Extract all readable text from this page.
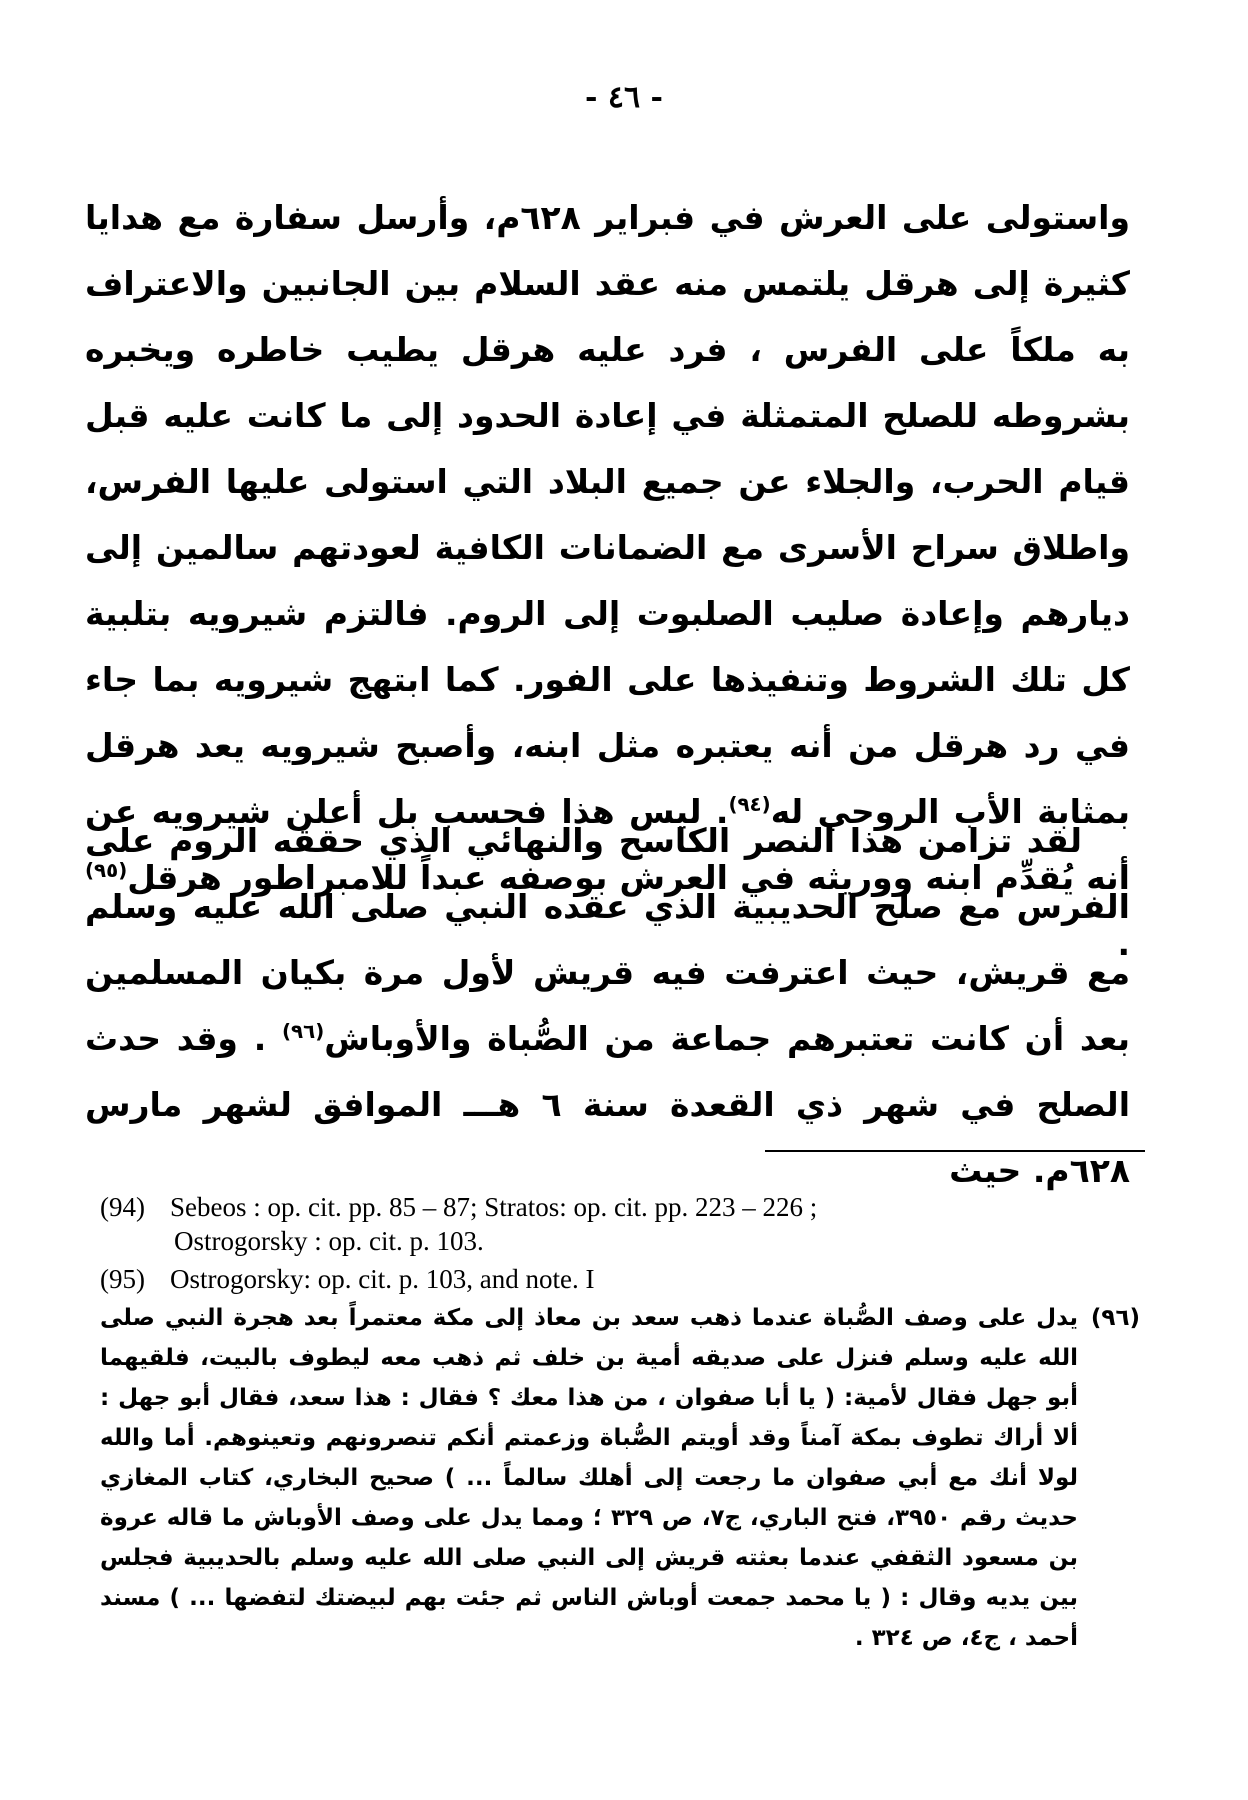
- ٤٦ -

واستولى على العرش في فبراير ٦٢٨م، وأرسل سفارة مع هدايا كثيرة إلى هرقل يلتمس منه عقد السلام بين الجانبين والاعتراف به ملكاً على الفرس ، فرد عليه هرقل يطيب خاطره ويخبره بشروطه للصلح المتمثلة في إعادة الحدود إلى ما كانت عليه قبل قيام الحرب، والجلاء عن جميع البلاد التي استولى عليها الفرس، واطلاق سراح الأسرى مع الضمانات الكافية لعودتهم سالمين إلى ديارهم وإعادة صليب الصلبوت إلى الروم. فالتزم شيرويه بتلبية كل تلك الشروط وتنفيذها على الفور. كما ابتهج شيرويه بما جاء في رد هرقل من أنه يعتبره مثل ابنه، وأصبح شيرويه يعد هرقل بمثابة الأب الروحي له$^{(٩٤)}$. ليس هذا فحسب بل أعلن شيرويه عن أنه يُقدِّم ابنه ووريثه في العرش بوصفه عبداً للامبراطور هرقل$^{(٩٥)}$ .

لقد تزامن هذا النصر الكاسح والنهائي الذي حققه الروم على الفرس مع صلح الحديبية الذي عقده النبي صلى الله عليه وسلم مع قريش، حيث اعترفت فيه قريش لأول مرة بكيان المسلمين بعد أن كانت تعتبرهم جماعة من الصُّباة والأوباش$^{(٩٦)}$ . وقد حدث الصلح في شهر ذي القعدة سنة ٦ هـــ الموافق لشهر مارس ٦٢٨م. حيث

(94) Sebeos : op. cit. pp. 85 – 87; Stratos: op. cit. pp. 223 – 226 ;
Ostrogorsky : op. cit. p. 103.

(95) Ostrogorsky: op. cit. p. 103, and note. I

(٩٦)
يدل على وصف الصُّباة عندما ذهب سعد بن معاذ إلى مكة معتمراً بعد هجرة النبي صلى الله عليه وسلم فنزل على صديقه أمية بن خلف ثم ذهب معه ليطوف بالبيت، فلقيهما أبو جهل فقال لأمية: ( يا أبا صفوان ، من هذا معك ؟ فقال : هذا سعد، فقال أبو جهل : ألا أراك تطوف بمكة آمناً وقد أويتم الصُّباة وزعمتم أنكم تنصرونهم وتعينوهم. أما والله لولا أنك مع أبي صفوان ما رجعت إلى أهلك سالماً ... ) صحيح البخاري، كتاب المغازي حديث رقم ٣٩٥٠، فتح الباري، ج٧، ص ٣٢٩ ؛ ومما يدل على وصف الأوباش ما قاله عروة بن مسعود الثقفي عندما بعثته قريش إلى النبي صلى الله عليه وسلم بالحديبية فجلس بين يديه وقال : ( يا محمد جمعت أوباش الناس ثم جئت بهم لبيضتك لتفضها ... ) مسند أحمد ، ج٤، ص ٣٢٤ .
